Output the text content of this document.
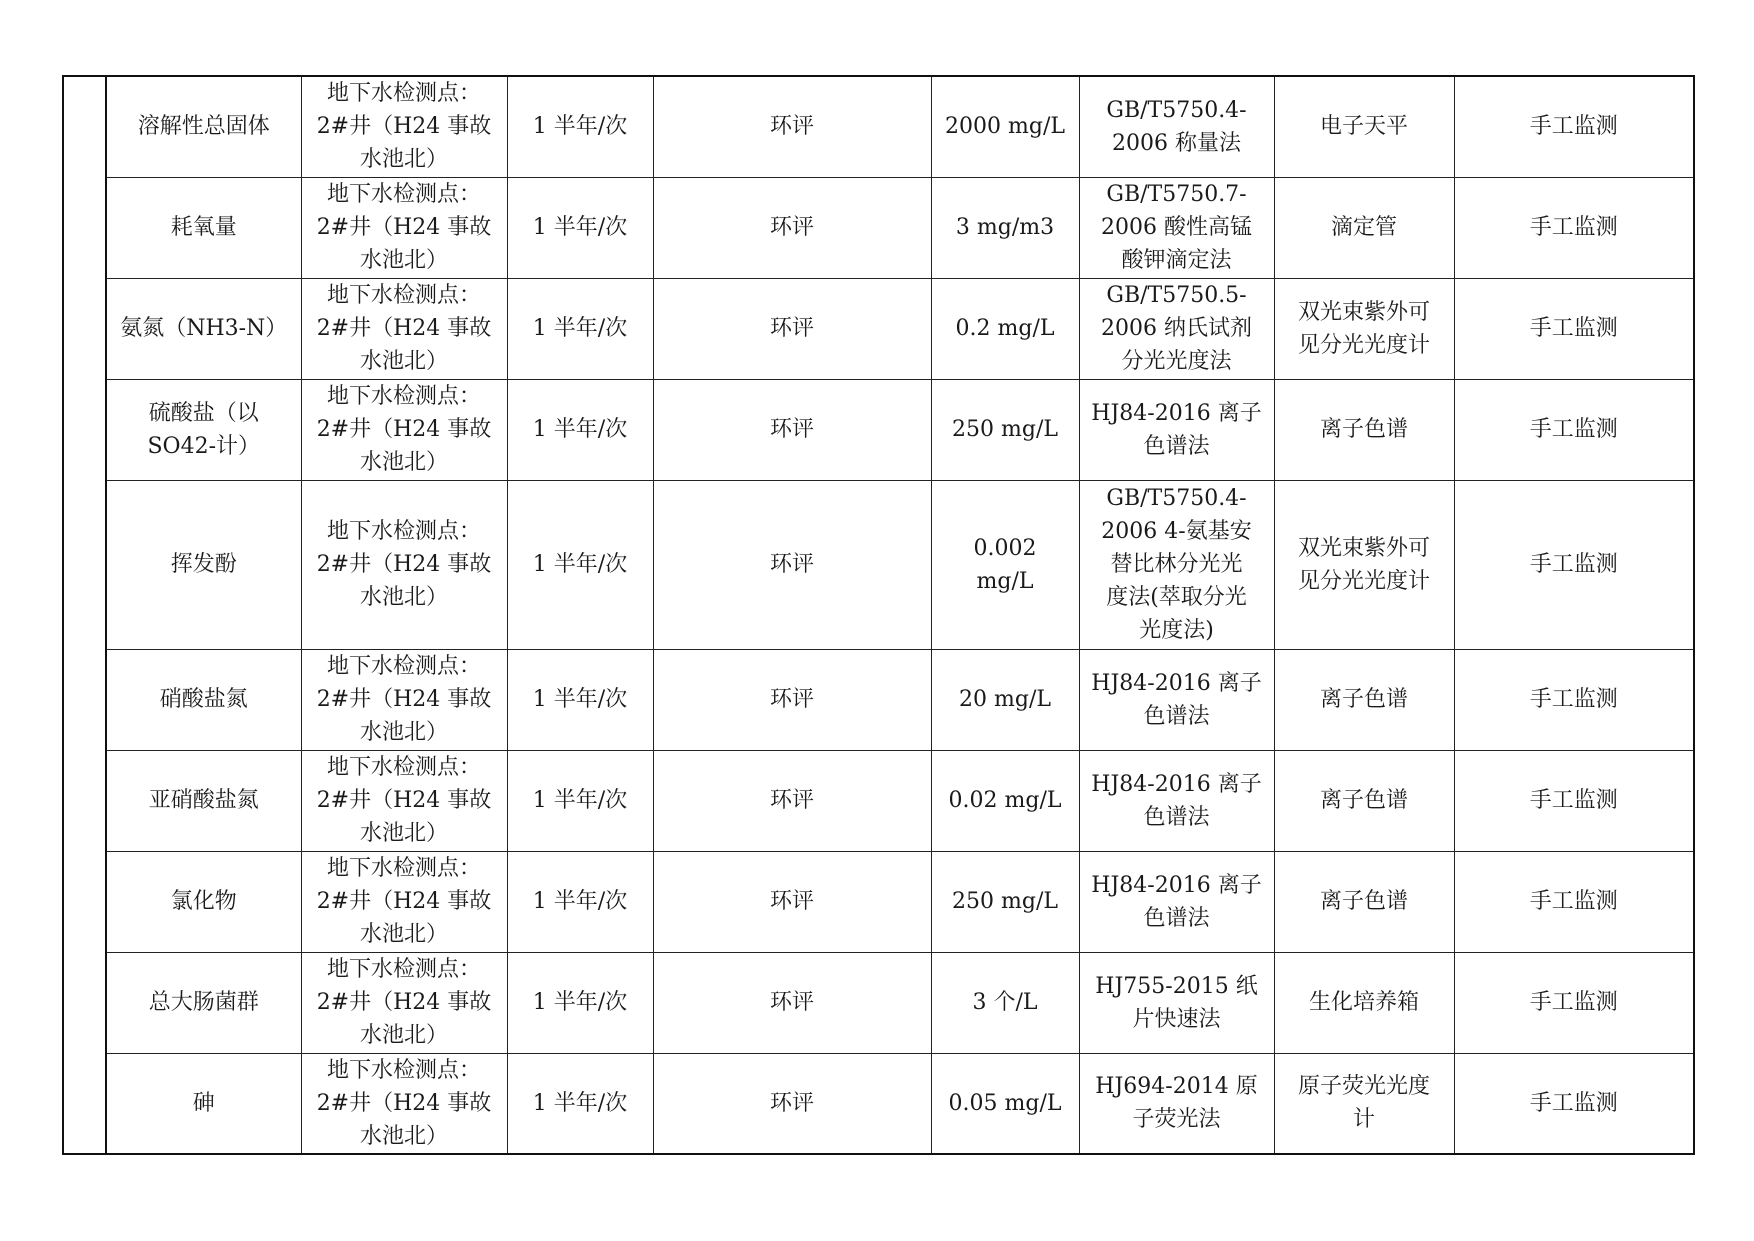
	溶解性总固体	地下水检测点：
2#井（H24 事故
水池北）	1 半年/次	环评	2000 mg/L	GB/T5750.4-
2006 称量法	电子天平	手工监测

	耗氧量	地下水检测点：
2#井（H24 事故
水池北）	1 半年/次	环评	3 mg/m3	GB/T5750.7-
2006 酸性高锰
酸钾滴定法	滴定管	手工监测

	氨氮（NH3-N）	地下水检测点：
2#井（H24 事故
水池北）	1 半年/次	环评	0.2 mg/L	GB/T5750.5-
2006 纳氏试剂
分光光度法	双光束紫外可
见分光光度计	手工监测

	硫酸盐（以
SO42-计）	地下水检测点：
2#井（H24 事故
水池北）	1 半年/次	环评	250 mg/L	HJ84-2016 离子
色谱法	离子色谱	手工监测

	挥发酚	地下水检测点：
2#井（H24 事故
水池北）	1 半年/次	环评	0.002
mg/L	GB/T5750.4-
2006 4-氨基安
替比林分光光
度法(萃取分光
光度法)	双光束紫外可
见分光光度计	手工监测

	硝酸盐氮	地下水检测点：
2#井（H24 事故
水池北）	1 半年/次	环评	20 mg/L	HJ84-2016 离子
色谱法	离子色谱	手工监测

	亚硝酸盐氮	地下水检测点：
2#井（H24 事故
水池北）	1 半年/次	环评	0.02 mg/L	HJ84-2016 离子
色谱法	离子色谱	手工监测

	氯化物	地下水检测点：
2#井（H24 事故
水池北）	1 半年/次	环评	250 mg/L	HJ84-2016 离子
色谱法	离子色谱	手工监测

	总大肠菌群	地下水检测点：
2#井（H24 事故
水池北）	1 半年/次	环评	3 个/L	HJ755-2015 纸
片快速法	生化培养箱	手工监测

	砷	地下水检测点：
2#井（H24 事故
水池北）	1 半年/次	环评	0.05 mg/L	HJ694-2014 原
子荧光法	原子荧光光度
计	手工监测
